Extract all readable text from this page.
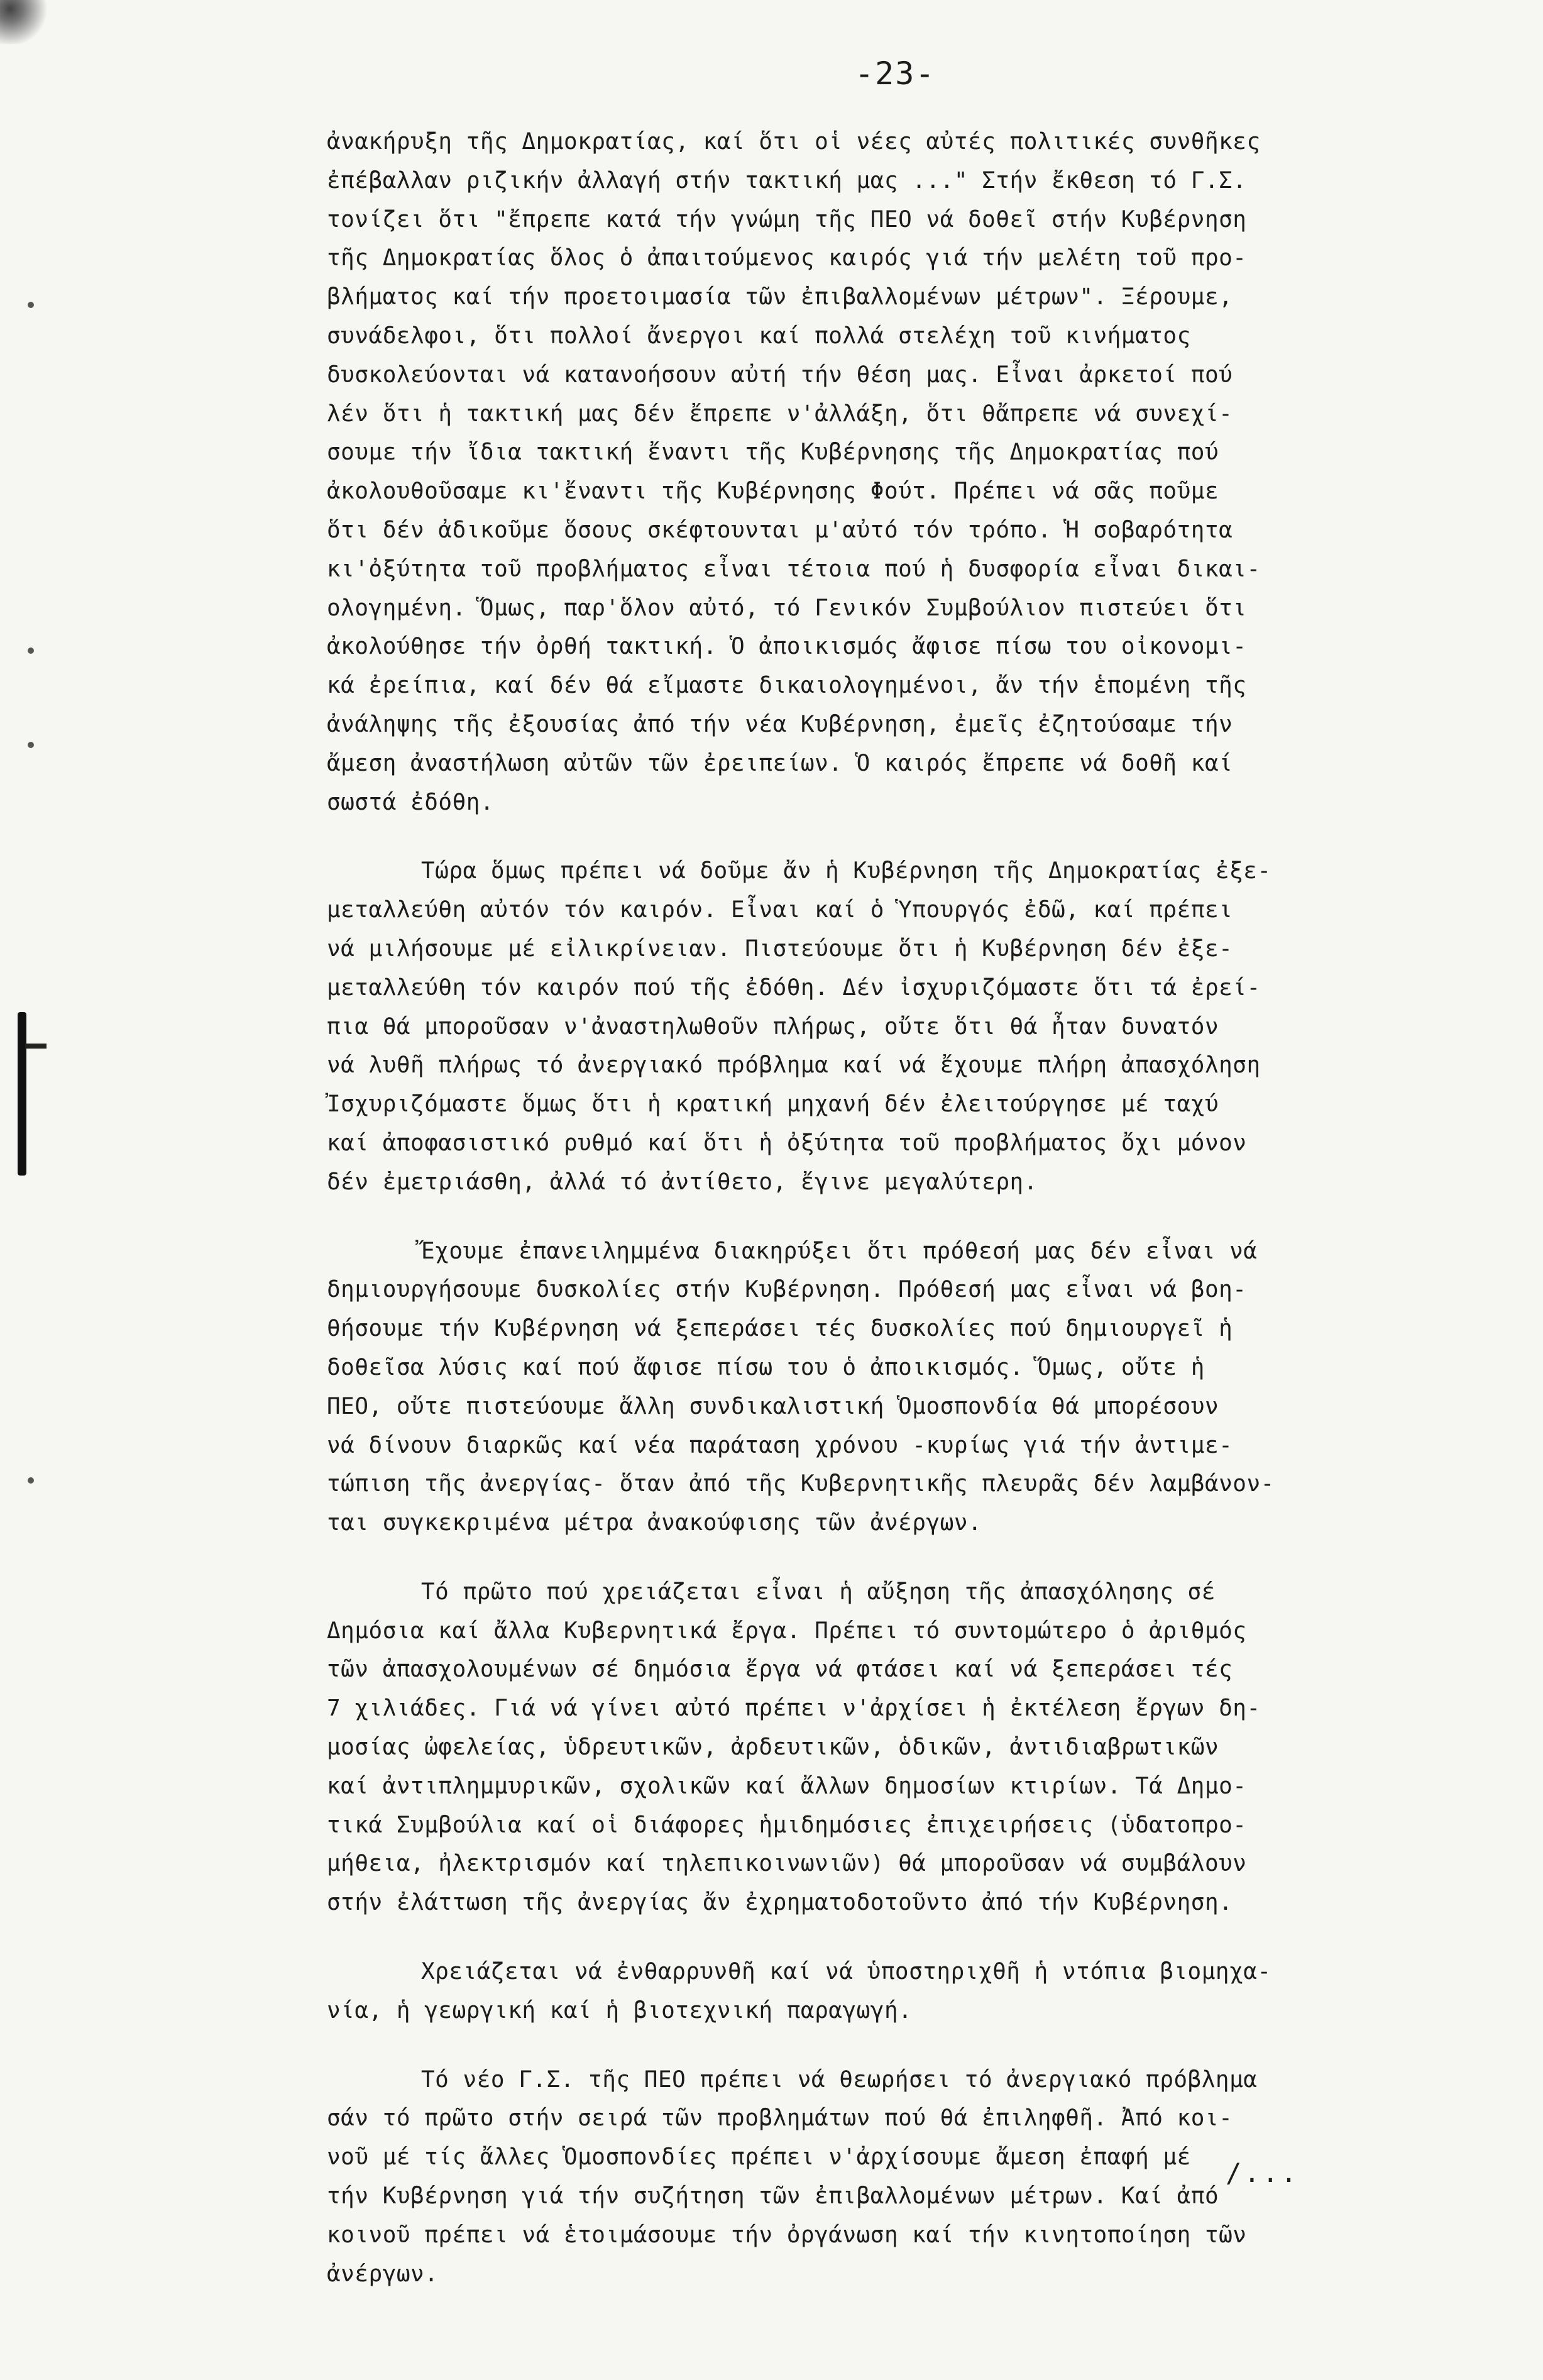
-23-
ἀνακήρυξη τῆς Δημοκρατίας, καί ὅτι οἱ νέες αὐτές πολιτικές συνθῆκες
ἐπέβαλλαν ριζικήν ἀλλαγή στήν τακτική μας ..." Στήν ἔκθεση τό Γ.Σ.
τονίζει ὅτι "ἔπρεπε κατά τήν γνώμη τῆς ΠΕΟ νά δοθεῖ στήν Κυβέρνηση
τῆς Δημοκρατίας ὅλος ὁ ἀπαιτούμενος καιρός γιά τήν μελέτη τοῦ προ-
βλήματος καί τήν προετοιμασία τῶν ἐπιβαλλομένων μέτρων". Ξέρουμε,
συνάδελφοι, ὅτι πολλοί ἄνεργοι καί πολλά στελέχη τοῦ κινήματος
δυσκολεύονται νά κατανοήσουν αὐτή τήν θέση μας. Εἶναι ἀρκετοί πού
λέν ὅτι ἡ τακτική μας δέν ἔπρεπε ν'ἀλλάξη, ὅτι θἄπρεπε νά συνεχί-
σουμε τήν ἴδια τακτική ἔναντι τῆς Κυβέρνησης τῆς Δημοκρατίας πού
ἀκολουθοῦσαμε κι'ἔναντι τῆς Κυβέρνησης Φούτ. Πρέπει νά σᾶς ποῦμε
ὅτι δέν ἀδικοῦμε ὅσους σκέφτουνται μ'αὐτό τόν τρόπο. Ἡ σοβαρότητα
κι'ὀξύτητα τοῦ προβλήματος εἶναι τέτοια πού ἡ δυσφορία εἶναι δικαι-
ολογημένη. Ὅμως, παρ'ὅλον αὐτό, τό Γενικόν Συμβούλιον πιστεύει ὅτι
ἀκολούθησε τήν ὀρθή τακτική. Ὁ ἀποικισμός ἄφισε πίσω του οἰκονομι-
κά ἐρείπια, καί δέν θά εἴμαστε δικαιολογημένοι, ἄν τήν ἑπομένη τῆς
ἀνάληψης τῆς ἐξουσίας ἀπό τήν νέα Κυβέρνηση, ἐμεῖς ἐζητούσαμε τήν
ἄμεση ἀναστήλωση αὐτῶν τῶν ἐρειπείων. Ὁ καιρός ἔπρεπε νά δοθῆ καί
σωστά ἐδόθη.
Τώρα ὅμως πρέπει νά δοῦμε ἄν ἡ Κυβέρνηση τῆς Δημοκρατίας ἐξε-
μεταλλεύθη αὐτόν τόν καιρόν. Εἶναι καί ὁ Ὑπουργός ἐδῶ, καί πρέπει
νά μιλήσουμε μέ εἰλικρίνειαν. Πιστεύουμε ὅτι ἡ Κυβέρνηση δέν ἐξε-
μεταλλεύθη τόν καιρόν πού τῆς ἐδόθη. Δέν ἰσχυριζόμαστε ὅτι τά ἐρεί-
πια θά μποροῦσαν ν'ἀναστηλωθοῦν πλήρως, οὔτε ὅτι θά ἦταν δυνατόν
νά λυθῆ πλήρως τό ἀνεργιακό πρόβλημα καί νά ἔχουμε πλήρη ἀπασχόληση
Ἰσχυριζόμαστε ὅμως ὅτι ἡ κρατική μηχανή δέν ἐλειτούργησε μέ ταχύ
καί ἀποφασιστικό ρυθμό καί ὅτι ἡ ὀξύτητα τοῦ προβλήματος ὄχι μόνον
δέν ἐμετριάσθη, ἀλλά τό ἀντίθετο, ἔγινε μεγαλύτερη.
Ἔχουμε ἐπανειλημμένα διακηρύξει ὅτι πρόθεσή μας δέν εἶναι νά
δημιουργήσουμε δυσκολίες στήν Κυβέρνηση. Πρόθεσή μας εἶναι νά βοη-
θήσουμε τήν Κυβέρνηση νά ξεπεράσει τές δυσκολίες πού δημιουργεῖ ἡ
δοθεῖσα λύσις καί πού ἄφισε πίσω του ὁ ἀποικισμός. Ὅμως, οὔτε ἡ
ΠΕΟ, οὔτε πιστεύουμε ἄλλη συνδικαλιστική Ὁμοσπονδία θά μπορέσουν
νά δίνουν διαρκῶς καί νέα παράταση χρόνου -κυρίως γιά τήν ἀντιμε-
τώπιση τῆς ἀνεργίας- ὅταν ἀπό τῆς Κυβερνητικῆς πλευρᾶς δέν λαμβάνον-
ται συγκεκριμένα μέτρα ἀνακούφισης τῶν ἀνέργων.
Τό πρῶτο πού χρειάζεται εἶναι ἡ αὔξηση τῆς ἀπασχόλησης σέ
Δημόσια καί ἄλλα Κυβερνητικά ἔργα. Πρέπει τό συντομώτερο ὁ ἀριθμός
τῶν ἀπασχολουμένων σέ δημόσια ἔργα νά φτάσει καί νά ξεπεράσει τές
7 χιλιάδες. Γιά νά γίνει αὐτό πρέπει ν'ἀρχίσει ἡ ἐκτέλεση ἔργων δη-
μοσίας ὠφελείας, ὑδρευτικῶν, ἀρδευτικῶν, ὁδικῶν, ἀντιδιαβρωτικῶν
καί ἀντιπλημμυρικῶν, σχολικῶν καί ἄλλων δημοσίων κτιρίων. Τά Δημο-
τικά Συμβούλια καί οἱ διάφορες ἡμιδημόσιες ἐπιχειρήσεις (ὑδατοπρο-
μήθεια, ἠλεκτρισμόν καί τηλεπικοινωνιῶν) θά μποροῦσαν νά συμβάλουν
στήν ἐλάττωση τῆς ἀνεργίας ἄν ἐχρηματοδοτοῦντο ἀπό τήν Κυβέρνηση.
Χρειάζεται νά ἐνθαρρυνθῆ καί νά ὑποστηριχθῆ ἡ ντόπια βιομηχα-
νία, ἡ γεωργική καί ἡ βιοτεχνική παραγωγή.
Τό νέο Γ.Σ. τῆς ΠΕΟ πρέπει νά θεωρήσει τό ἀνεργιακό πρόβλημα
σάν τό πρῶτο στήν σειρά τῶν προβλημάτων πού θά ἐπιληφθῆ. Ἀπό κοι-
νοῦ μέ τίς ἄλλες Ὁμοσπονδίες πρέπει ν'ἀρχίσουμε ἄμεση ἐπαφή μέ
τήν Κυβέρνηση γιά τήν συζήτηση τῶν ἐπιβαλλομένων μέτρων. Καί ἀπό
κοινοῦ πρέπει νά ἑτοιμάσουμε τήν ὀργάνωση καί τήν κινητοποίηση τῶν
ἀνέργων.
/...
